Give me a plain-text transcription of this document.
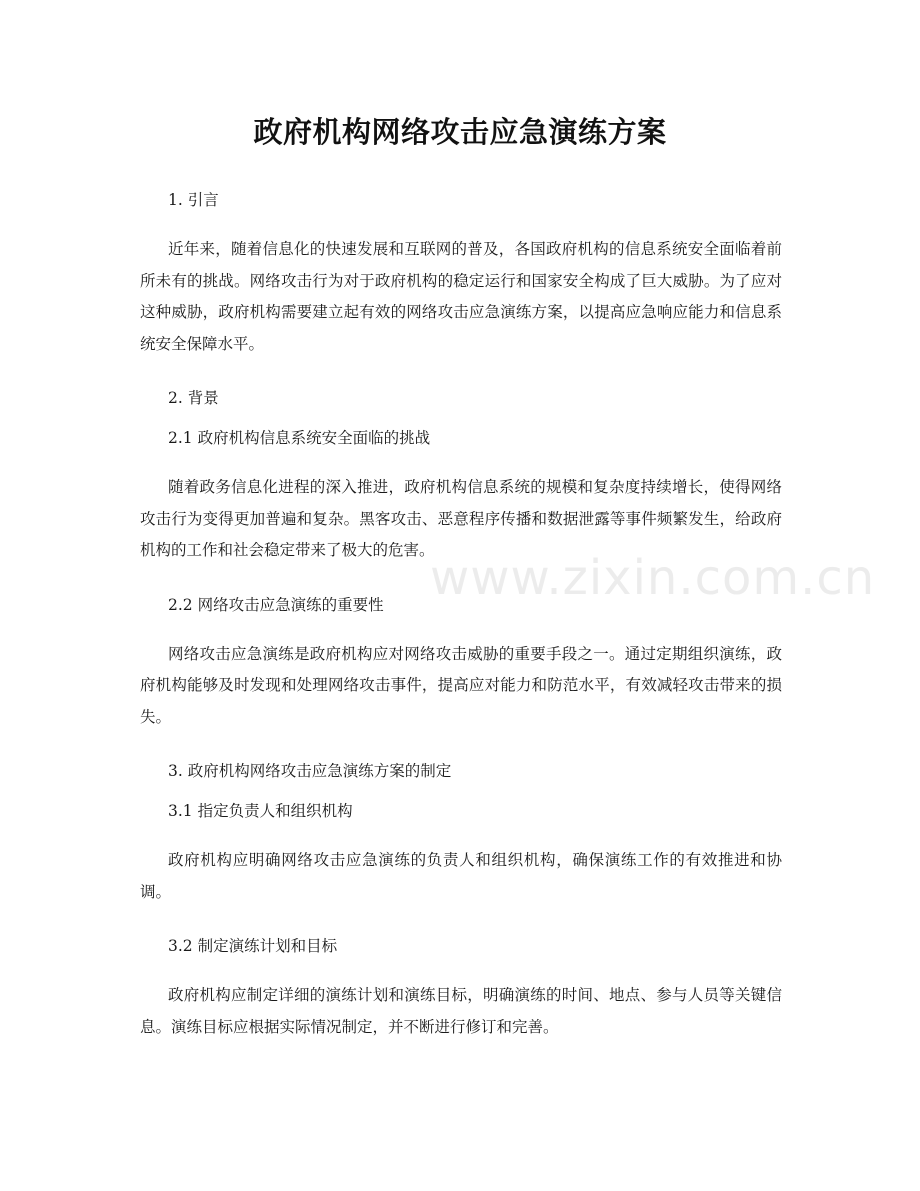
政府机构网络攻击应急演练方案
www.zixin.com.cn

1. 引言

近年来，随着信息化的快速发展和互联网的普及，各国政府机构的信息系统安全面临着前所未有的挑战。网络攻击行为对于政府机构的稳定运行和国家安全构成了巨大威胁。为了应对这种威胁，政府机构需要建立起有效的网络攻击应急演练方案，以提高应急响应能力和信息系统安全保障水平。

2. 背景

2.1 政府机构信息系统安全面临的挑战

随着政务信息化进程的深入推进，政府机构信息系统的规模和复杂度持续增长，使得网络攻击行为变得更加普遍和复杂。黑客攻击、恶意程序传播和数据泄露等事件频繁发生，给政府机构的工作和社会稳定带来了极大的危害。

2.2 网络攻击应急演练的重要性

网络攻击应急演练是政府机构应对网络攻击威胁的重要手段之一。通过定期组织演练，政府机构能够及时发现和处理网络攻击事件，提高应对能力和防范水平，有效减轻攻击带来的损失。

3. 政府机构网络攻击应急演练方案的制定

3.1 指定负责人和组织机构

政府机构应明确网络攻击应急演练的负责人和组织机构，确保演练工作的有效推进和协调。

3.2 制定演练计划和目标

政府机构应制定详细的演练计划和演练目标，明确演练的时间、地点、参与人员等关键信息。演练目标应根据实际情况制定，并不断进行修订和完善。
